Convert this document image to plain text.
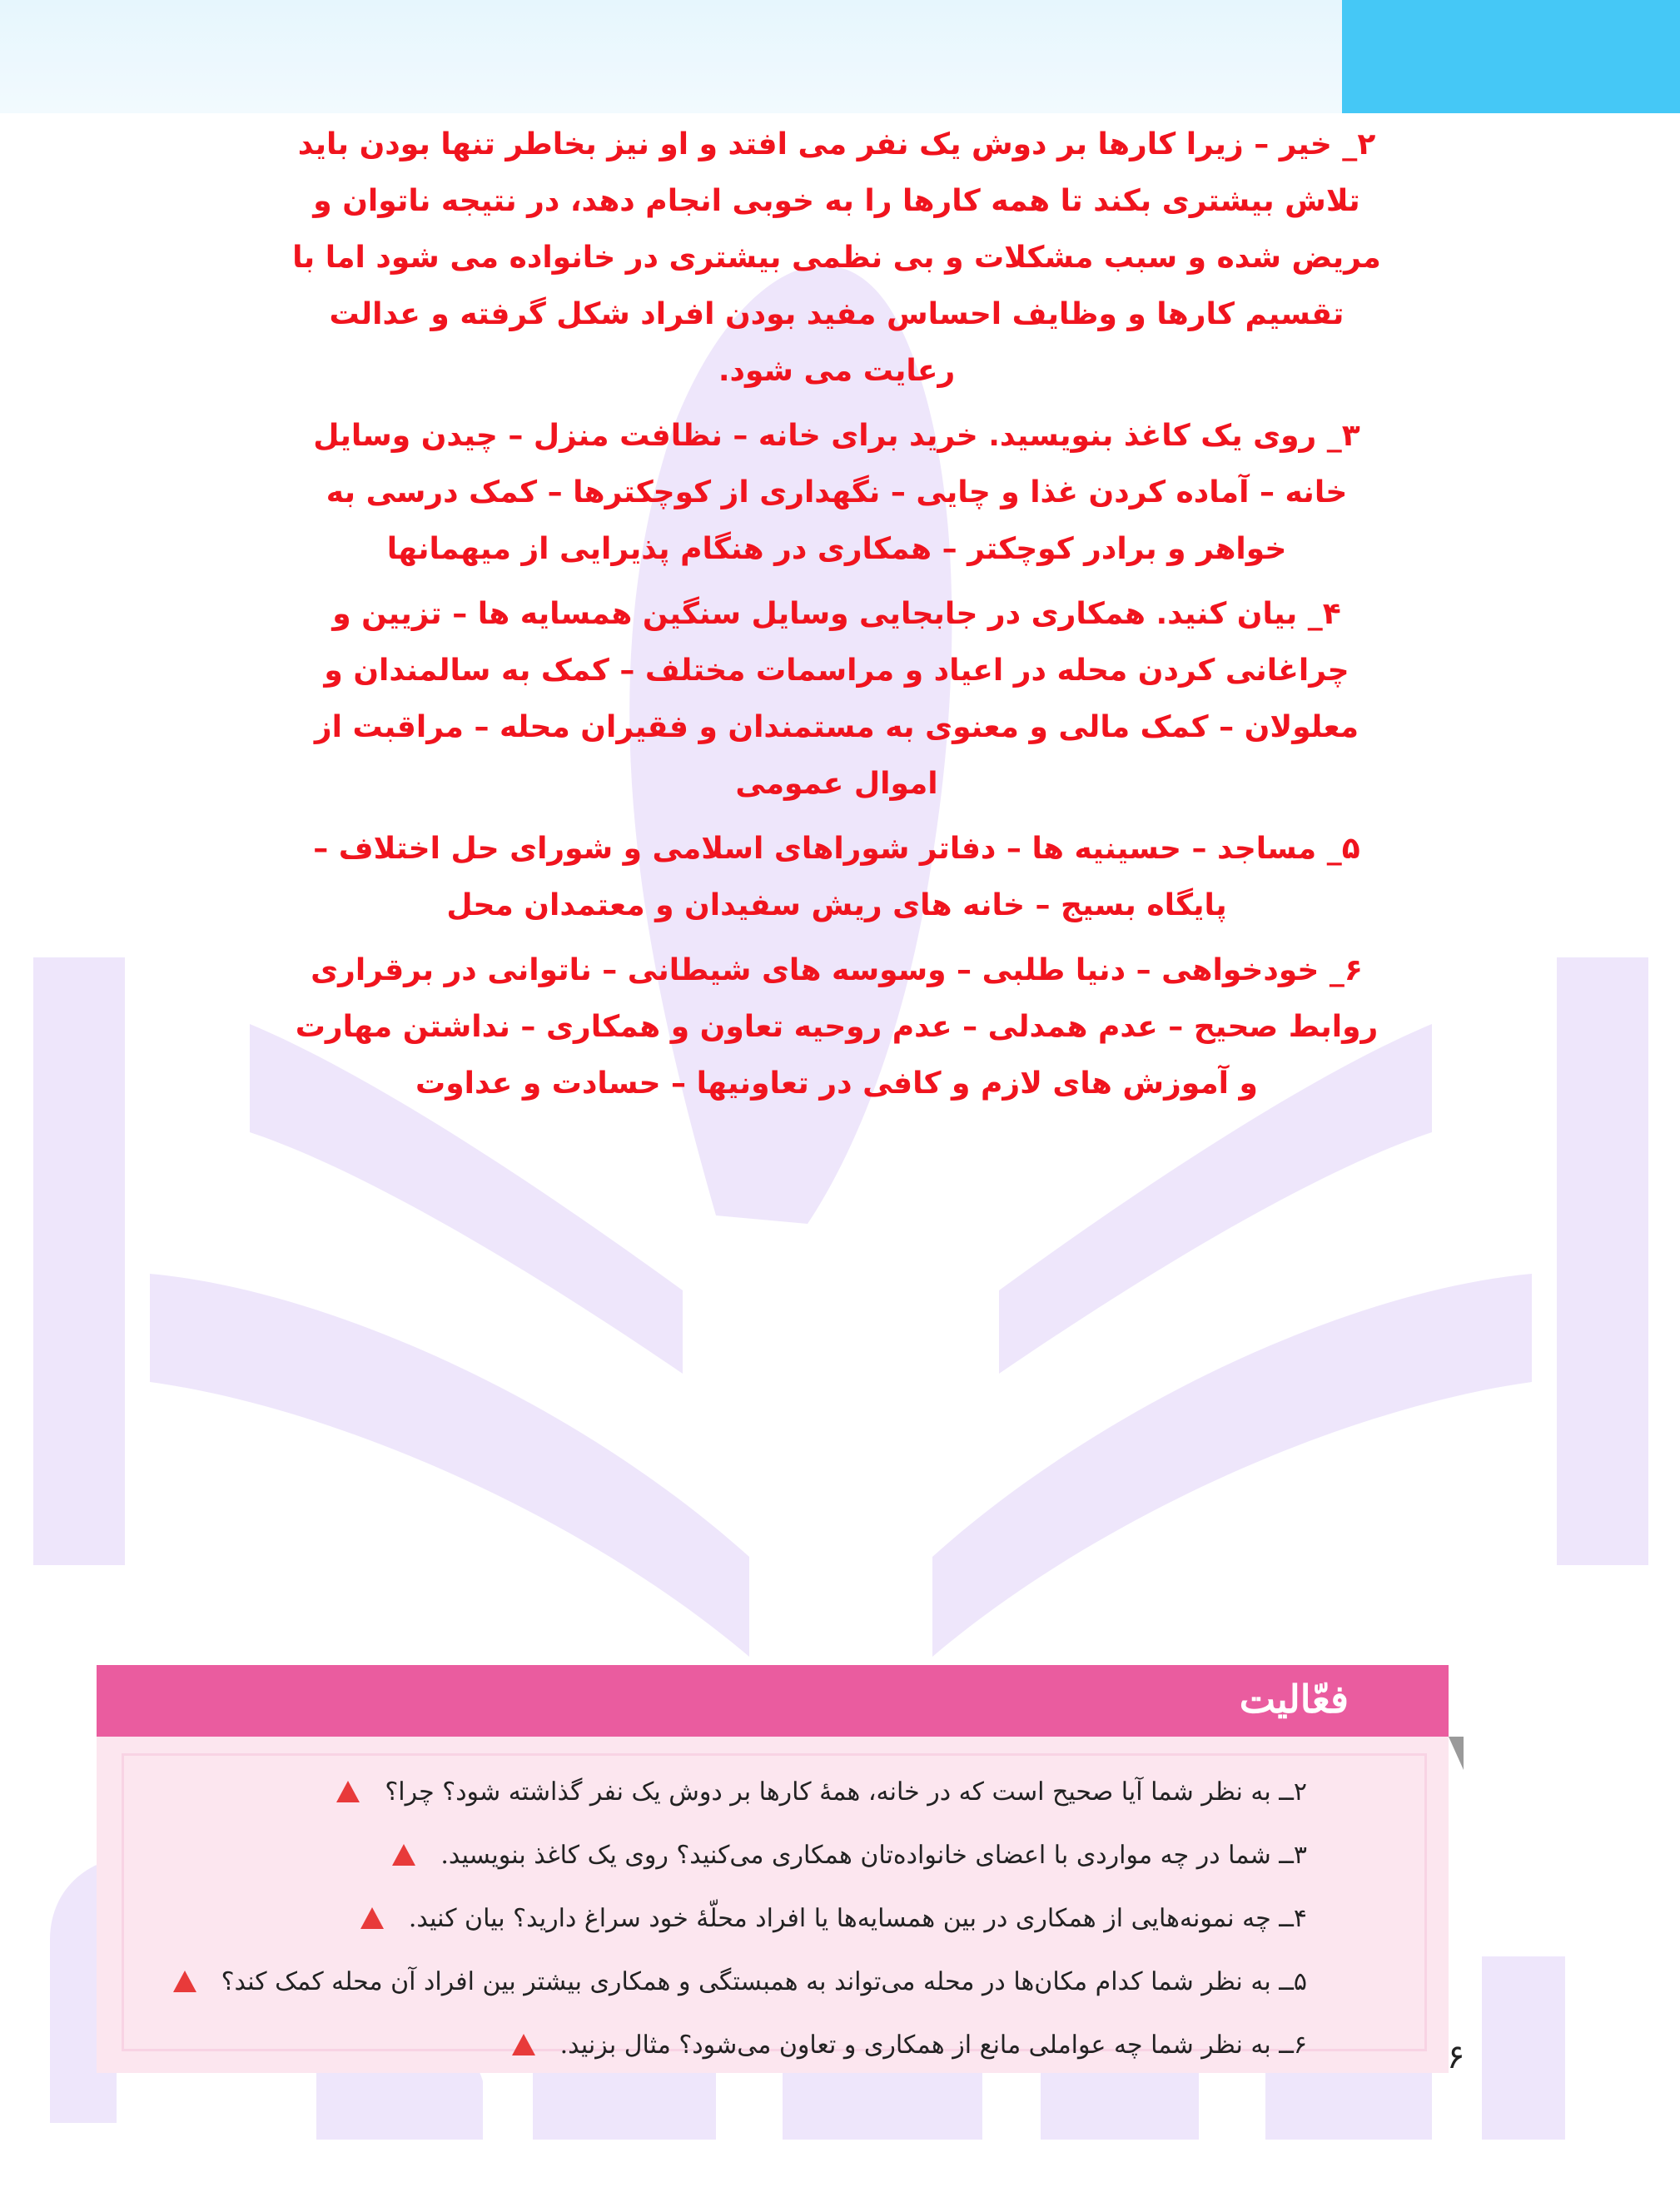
۲_ خیر – زیرا کارها بر دوش یک نفر می افتد و او نیز بخاطر تنها بودن باید تلاش بیشتری بکند تا همه کارها را به خوبی انجام دهد، در نتیجه ناتوان و مریض شده و سبب مشکلات و بی نظمی بیشتری در خانواده می شود اما با تقسیم کارها و وظایف احساس مفید بودن افراد شکل گرفته و عدالت رعایت می شود.

۳_ روی یک کاغذ بنویسید. خرید برای خانه – نظافت منزل – چیدن وسایل خانه – آماده کردن غذا و چایی – نگهداری از کوچکترها – کمک درسی به خواهر و برادر کوچکتر – همکاری در هنگام پذیرایی از میهمانها

۴_ بیان کنید. همکاری در جابجایی وسایل سنگین همسایه ها – تزیین و چراغانی کردن محله در اعیاد و مراسمات مختلف – کمک به سالمندان و معلولان – کمک مالی و معنوی به مستمندان و فقیران محله – مراقبت از اموال عمومی

۵_ مساجد – حسینیه ها – دفاتر شوراهای اسلامی و شورای حل اختلاف – پایگاه بسیج – خانه های ریش سفیدان و معتمدان محل

۶_ خودخواهی – دنیا طلبی – وسوسه های شیطانی – ناتوانی در برقراری روابط صحیح – عدم همدلی – عدم روحیه تعاون و همکاری – نداشتن مهارت و آموزش های لازم و کافی در تعاونیها – حسادت و عداوت

فعّالیت
۲ــ به نظر شما آیا صحیح است که در خانه، همهٔ کارها بر دوش یک نفر گذاشته شود؟ چرا؟
۳ــ شما در چه مواردی با اعضای خانواده‌تان همکاری می‌کنید؟ روی یک کاغذ بنویسید.
۴ــ چه نمونه‌هایی از همکاری در بین همسایه‌ها یا افراد محلّهٔ خود سراغ دارید؟ بیان کنید.
۵ــ به نظر شما کدام مکان‌ها در محله می‌تواند به همبستگی و همکاری بیشتر بین افراد آن محله کمک کند؟
۶ــ به نظر شما چه عواملی مانع از همکاری و تعاون می‌شود؟ مثال بزنید.	۶
